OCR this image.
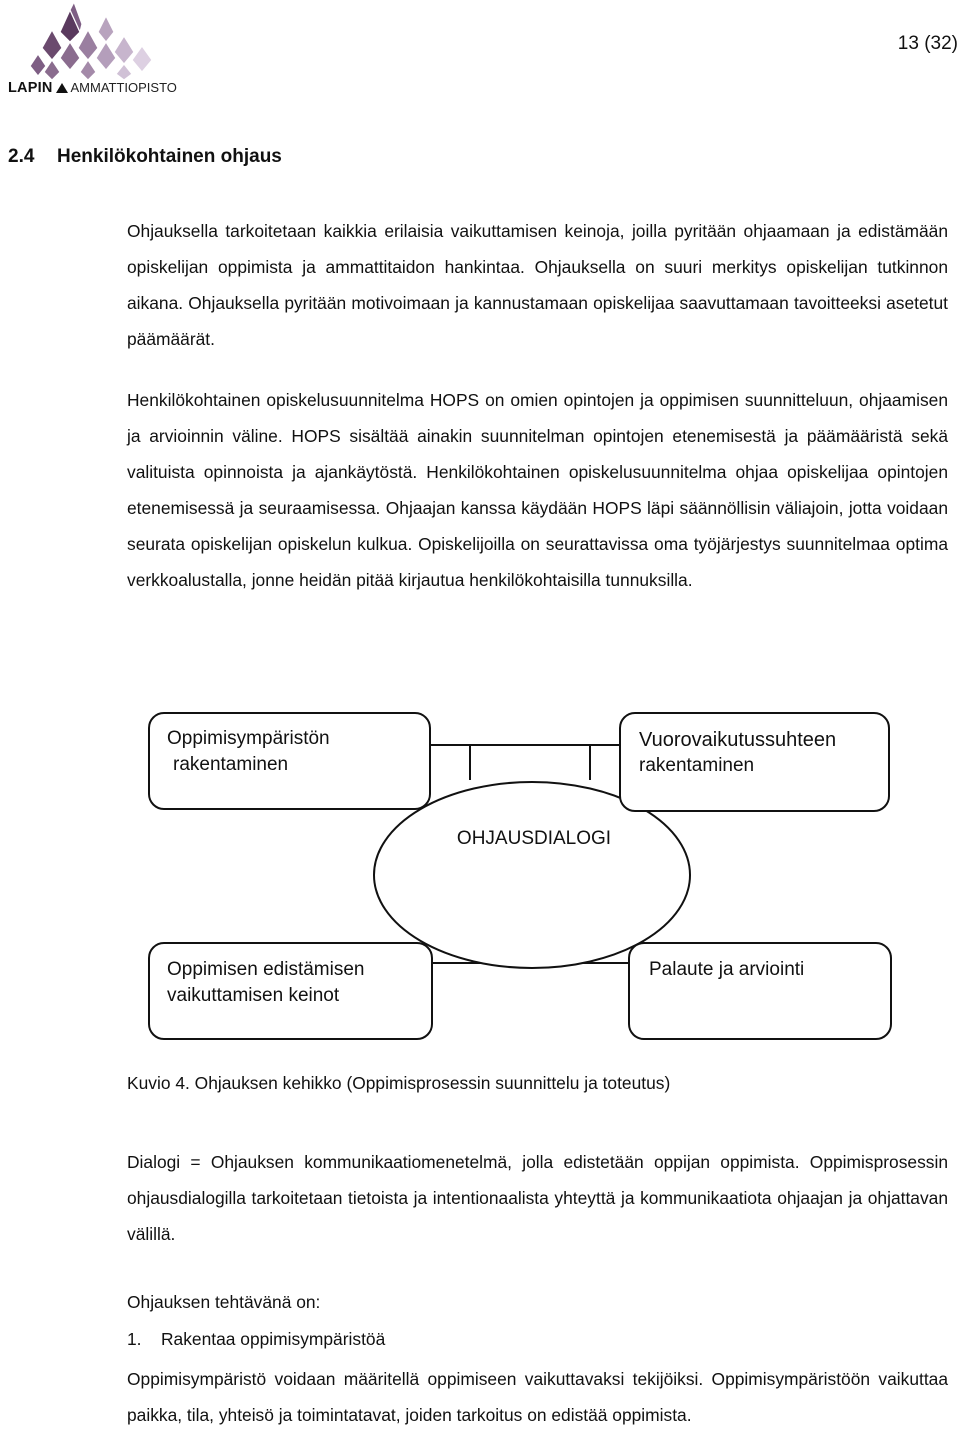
LAPIN AMMATTIOPISTO
13 (32)
2.4 Henkilökohtainen ohjaus

Ohjauksella tarkoitetaan kaikkia erilaisia vaikuttamisen keinoja, joilla pyritään ohjaamaan ja edistämään opiskelijan oppimista ja ammattitaidon hankintaa. Ohjauksella on suuri merkitys opiskelijan tutkinnon aikana. Ohjauksella pyritään motivoimaan ja kannustamaan opiskelijaa saavuttamaan tavoitteeksi asetetut päämäärät.

Henkilökohtainen opiskelusuunnitelma HOPS on omien opintojen ja oppimisen suunnitteluun, ohjaamisen ja arvioinnin väline. HOPS sisältää ainakin suunnitelman opintojen etenemisestä ja päämääristä sekä valituista opinnoista ja ajankäytöstä. Henkilökohtainen opiskelusuunnitelma ohjaa opiskelijaa opintojen etenemisessä ja seuraamisessa. Ohjaajan kanssa käydään HOPS läpi säännöllisin väliajoin, jotta voidaan seurata opiskelijan opiskelun kulkua. Opiskelijoilla on seurattavissa oma työjärjestys suunnitelmaa optima verkkoalustalla, jonne heidän pitää kirjautua henkilökohtaisilla tunnuksilla.

Oppimisympäristön
rakentaminen
Vuorovaikutussuhteen
rakentaminen
OHJAUSDIALOGI
Oppimisen edistämisen
vaikuttamisen keinot
Palaute ja arviointi
Kuvio 4. Ohjauksen kehikko (Oppimisprosessin suunnittelu ja toteutus)

Dialogi = Ohjauksen kommunikaatiomenetelmä, jolla edistetään oppijan oppimista. Oppimisprosessin ohjausdialogilla tarkoitetaan tietoista ja intentionaalista yhteyttä ja kommunikaatiota ohjaajan ja ohjattavan välillä.

Ohjauksen tehtävänä on:
1. Rakentaa oppimisympäristöä

Oppimisympäristö voidaan määritellä oppimiseen vaikuttavaksi tekijöiksi. Oppimisympäristöön vaikuttaa paikka, tila, yhteisö ja toimintatavat, joiden tarkoitus on edistää oppimista.
